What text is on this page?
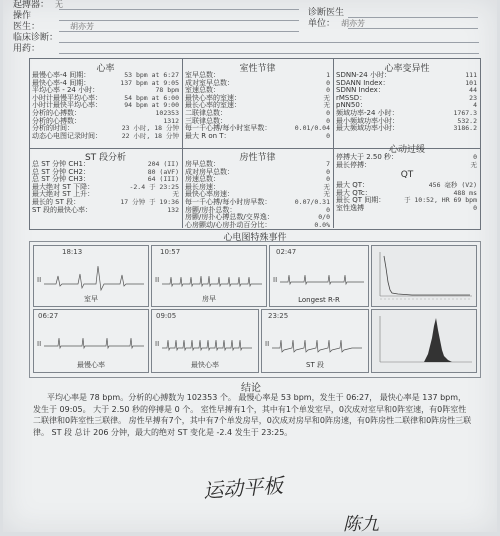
起搏器： 无
操作
医生：	胡亦芳
临床诊断：
用药：
诊断医生
单位： 胡亦芳
心率
最慢心率-4 间期：	53 bpm at 6:27
最快心率-4 间期：	137 bpm at 9:05
平均心率 - 24 小时：	78 bpm
小时计最慢平均心率：	54 bpm at 6:00
小时计最快平均心率：	94 bpm at 9:00
分析的心搏数：	102353
分析的心搏数：	1312
分析的时间：	23 小时, 18 分钟
动态心电图记录时间：	22 小时, 18 分钟
室性节律
室早总数：	1
成对室早总数：	0
室速总数：	0
最快心率的室速：	无
最长心率的室速：	无
二联律总数：	0
三联律总数：	0
每一千心搏/每小时室早数：	0.01/0.04
最大 R on T：	0
心率变异性
SDNN-24 小时：	111
SDANN Index：	101
SDNN Index：	44
rMSSD：	23
pNN50：	4
频域功率-24 小时：	1767.3
最小频域功率小时：	532.2
最大频域功率小时：	3186.2
ST 段分析
总 ST 分钟 CH1：	204 (II)
总 ST 分钟 CH2：	80 (aVF)
总 ST 分钟 CH3：	64 (III)
最大绝对 ST 下降：	-2.4 于 23:25
最大绝对 ST 上升：	无
最长的 ST 段：	17 分钟 于 19:36
ST 段的最快心率：	132
房性节律
房早总数：	7
成对房早总数：	0
房速总数：	0
最长房速：	无
最快心率房速：	无
每一千心搏/每小时房早数：	0.07/0.31
房颤/房扑总数：	0
房颤/房扑心搏总数/交界逸：	0/0
心房颤动/心房扑动百分比：	0.0%
心动过缓
停搏大于 2.50 秒：	0
最长停搏：	无
QT
最大 QT：	456 毫秒 (V2)
最大 QTc：	488 ms
最长 QT 间期：	于 10:52, HR 69 bpm
室性逸搏	0
心电图特殊事件
18:13
II
室早
10:57
II
房早
02:47
II
Longest R-R
06:27
II
最慢心率
09:05
II
最快心率
23:25
II
ST 段
结论
平均心率是 78 bpm。分析的心搏数为 102353 个。 最慢心率是 53 bpm，发生于 06:27， 最快心率是 137 bpm，发生于 09:05。 大于 2.50 秒的停搏是 0 个。 室性早搏有1个，其中有1个单发室早，0次成对室早和0阵室速，有0阵室性二联律和0阵室性三联律。 房性早搏有7个，其中有7个单发房早，0次成对房早和0阵房速，有0阵房性二联律和0阵房性三联律。 ST 段 总计 206 分钟，最大的绝对 ST 变化是 -2.4 发生于 23:25。
运动平板
陈九
